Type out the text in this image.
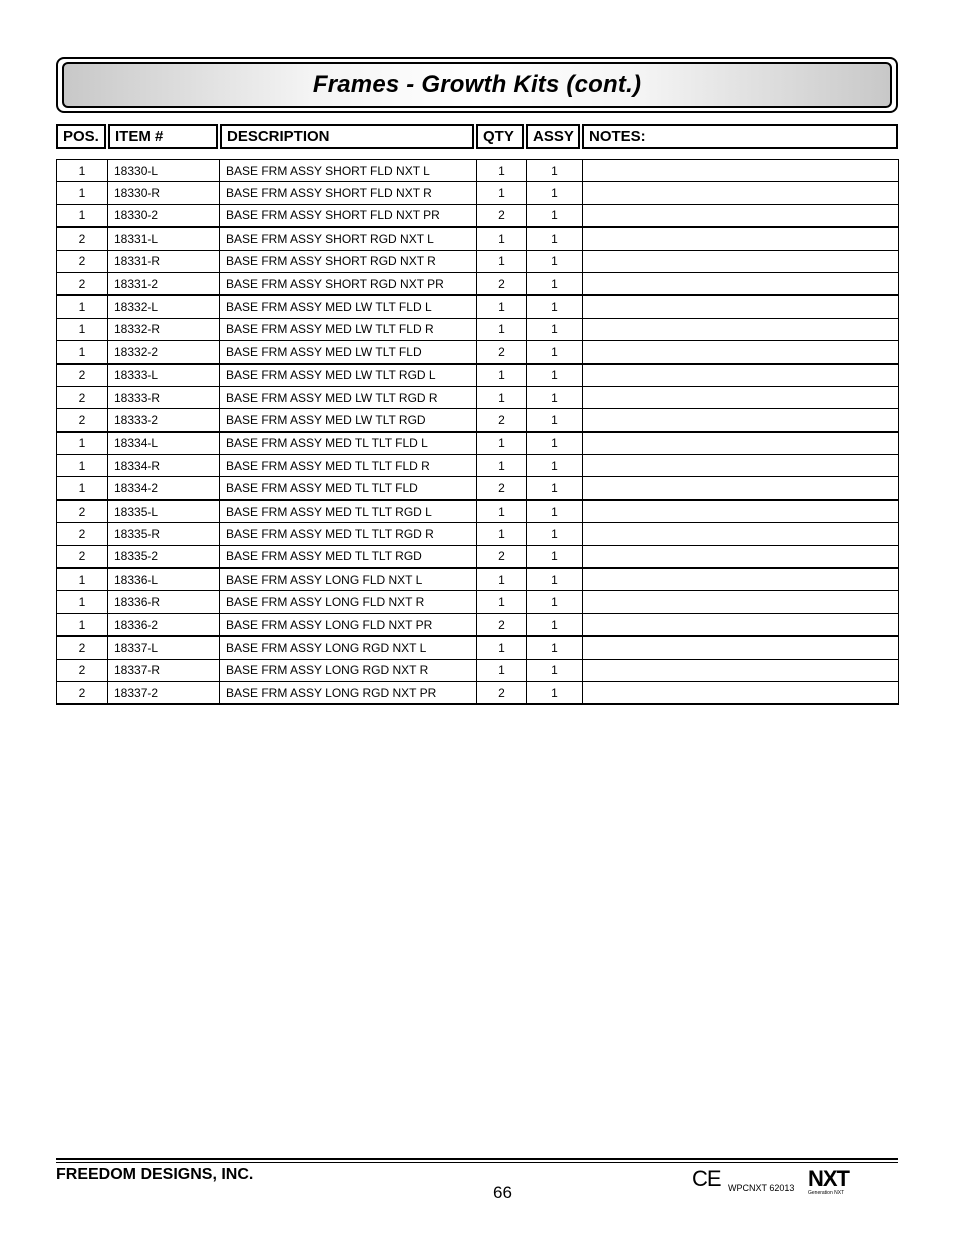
Frames - Growth Kits (cont.)
POS.	ITEM #	DESCRIPTION	QTY	ASSY	NOTES:
1	18330-L	BASE FRM ASSY SHORT FLD NXT L	1	1	
1	18330-R	BASE FRM ASSY SHORT FLD NXT R	1	1	
1	18330-2	BASE FRM ASSY SHORT FLD NXT PR	2	1	
2	18331-L	BASE FRM ASSY SHORT RGD NXT L	1	1	
2	18331-R	BASE FRM ASSY SHORT RGD NXT R	1	1	
2	18331-2	BASE FRM ASSY SHORT RGD NXT PR	2	1	
1	18332-L	BASE FRM ASSY MED LW TLT FLD L	1	1	
1	18332-R	BASE FRM ASSY MED LW TLT FLD R	1	1	
1	18332-2	BASE FRM ASSY MED LW TLT FLD	2	1	
2	18333-L	BASE FRM ASSY MED LW TLT RGD L	1	1	
2	18333-R	BASE FRM ASSY MED LW TLT RGD R	1	1	
2	18333-2	BASE FRM ASSY MED LW TLT RGD	2	1	
1	18334-L	BASE FRM ASSY MED TL TLT FLD L	1	1	
1	18334-R	BASE FRM ASSY MED TL TLT FLD R	1	1	
1	18334-2	BASE FRM ASSY MED TL TLT FLD	2	1	
2	18335-L	BASE FRM ASSY MED TL TLT RGD L	1	1	
2	18335-R	BASE FRM ASSY MED TL TLT RGD R	1	1	
2	18335-2	BASE FRM ASSY MED TL TLT RGD	2	1	
1	18336-L	BASE FRM ASSY LONG FLD NXT L	1	1	
1	18336-R	BASE FRM ASSY LONG FLD NXT R	1	1	
1	18336-2	BASE FRM ASSY LONG FLD NXT PR	2	1	
2	18337-L	BASE FRM ASSY LONG RGD NXT L	1	1	
2	18337-R	BASE FRM ASSY LONG RGD NXT R	1	1	
2	18337-2	BASE FRM ASSY LONG RGD NXT PR	2	1	
FREEDOM DESIGNS, INC.
66
CE WPCNXT 62013 NXT
Generation NXT
